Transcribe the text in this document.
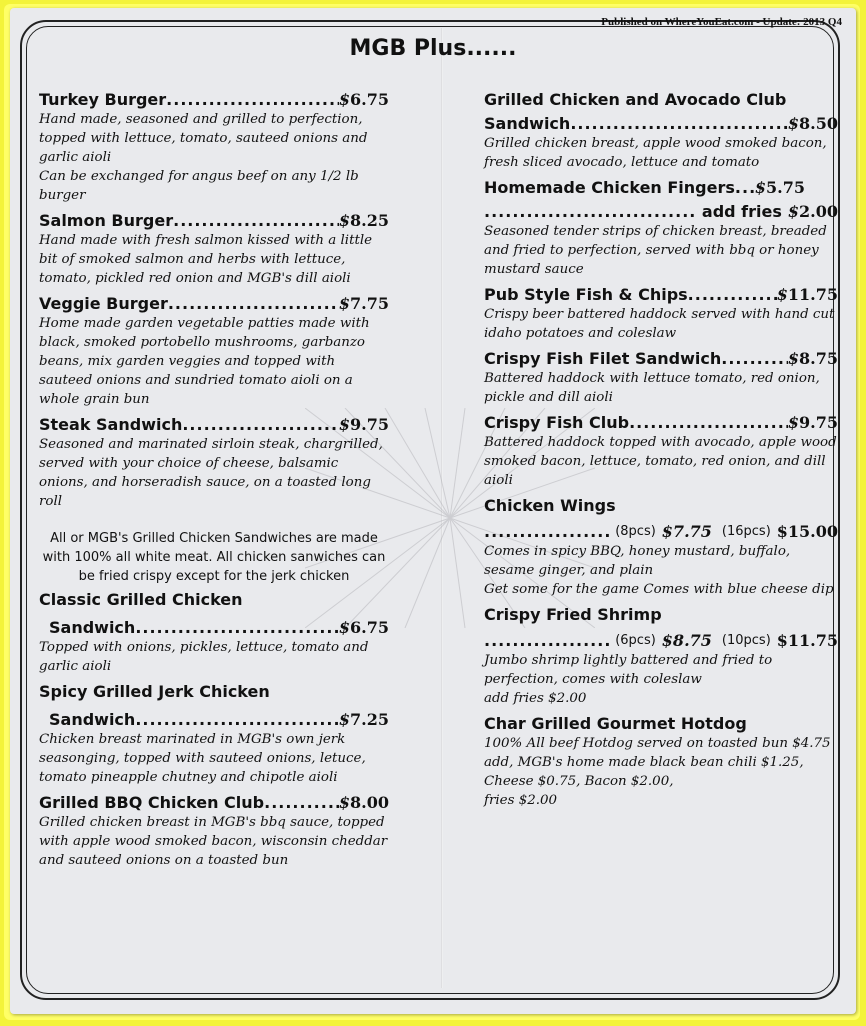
Published on WhereYouEat.com - Update: 2013 Q4
MGB Plus......
Turkey Burger .....	$6.75
Hand made, seasoned and grilled to perfection, topped with lettuce, tomato, sauteed onions and garlic aioli
Can be exchanged for angus beef on any 1/2 lb burger
Salmon Burger .....	$8.25
Hand made with fresh salmon kissed with a little bit of smoked salmon and herbs with lettuce, tomato, pickled red onion and MGB's dill aioli
Veggie Burger .....	$7.75
Home made garden vegetable patties made with black, smoked portobello mushrooms, garbanzo beans, mix garden veggies and topped with sauteed onions and sundried tomato aioli on a whole grain bun
Steak Sandwich .....	$9.75
Seasoned and marinated sirloin steak, chargrilled, served with your choice of cheese, balsamic onions, and horseradish sauce, on a toasted long roll
All or MGB's Grilled Chicken Sandwiches are made with 100% all white meat. All chicken sanwiches can be fried crispy except for the jerk chicken
Classic Grilled Chicken
Sandwich .....	$6.75
Topped with onions, pickles, lettuce, tomato and garlic aioli
Spicy Grilled Jerk Chicken
Sandwich .....	$7.25
Chicken breast marinated in MGB's own jerk seasonging, topped with sauteed onions, letuce, tomato pineapple chutney and chipotle aioli
Grilled BBQ Chicken Club .....	$8.00
Grilled chicken breast in MGB's bbq sauce, topped with apple wood smoked bacon, wisconsin cheddar and sauteed onions on a toasted bun
Grilled Chicken and Avocado Club
Sandwich .....	$8.50
Grilled chicken breast, apple wood smoked bacon, fresh sliced avocado, lettuce and tomato
Homemade Chicken Fingers ..... $5.75
.....
add fries $2.00
Seasoned tender strips of chicken breast, breaded and fried to perfection, served with bbq or honey mustard sauce
Pub Style Fish & Chips .....	$11.75
Crispy beer battered haddock served with hand cut idaho potatoes and coleslaw
Crispy Fish Filet Sandwich .....	$8.75
Battered haddock with lettuce tomato, red onion, pickle and dill aioli
Crispy Fish Club .....	$9.75
Battered haddock topped with avocado, apple wood smoked bacon, lettuce, tomato, red onion, and dill aioli
Chicken Wings
.....
(8pcs) $7.75 (16pcs) $15.00
Comes in spicy BBQ, honey mustard, buffalo, sesame ginger, and plain
Get some for the game Comes with blue cheese dip
Crispy Fried Shrimp
.....
(6pcs) $8.75 (10pcs) $11.75
Jumbo shrimp lightly battered and fried to perfection, comes with coleslaw
add fries $2.00
Char Grilled Gourmet Hotdog
100% All beef Hotdog served on toasted bun $4.75
add, MGB's home made black bean chili $1.25, Cheese $0.75, Bacon $2.00,
fries $2.00
